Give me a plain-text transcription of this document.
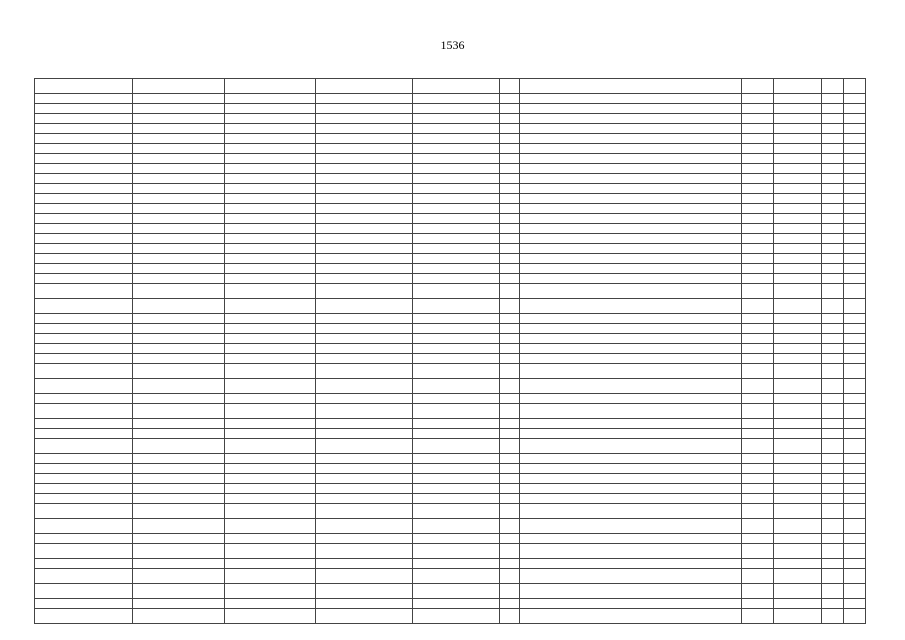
1536
